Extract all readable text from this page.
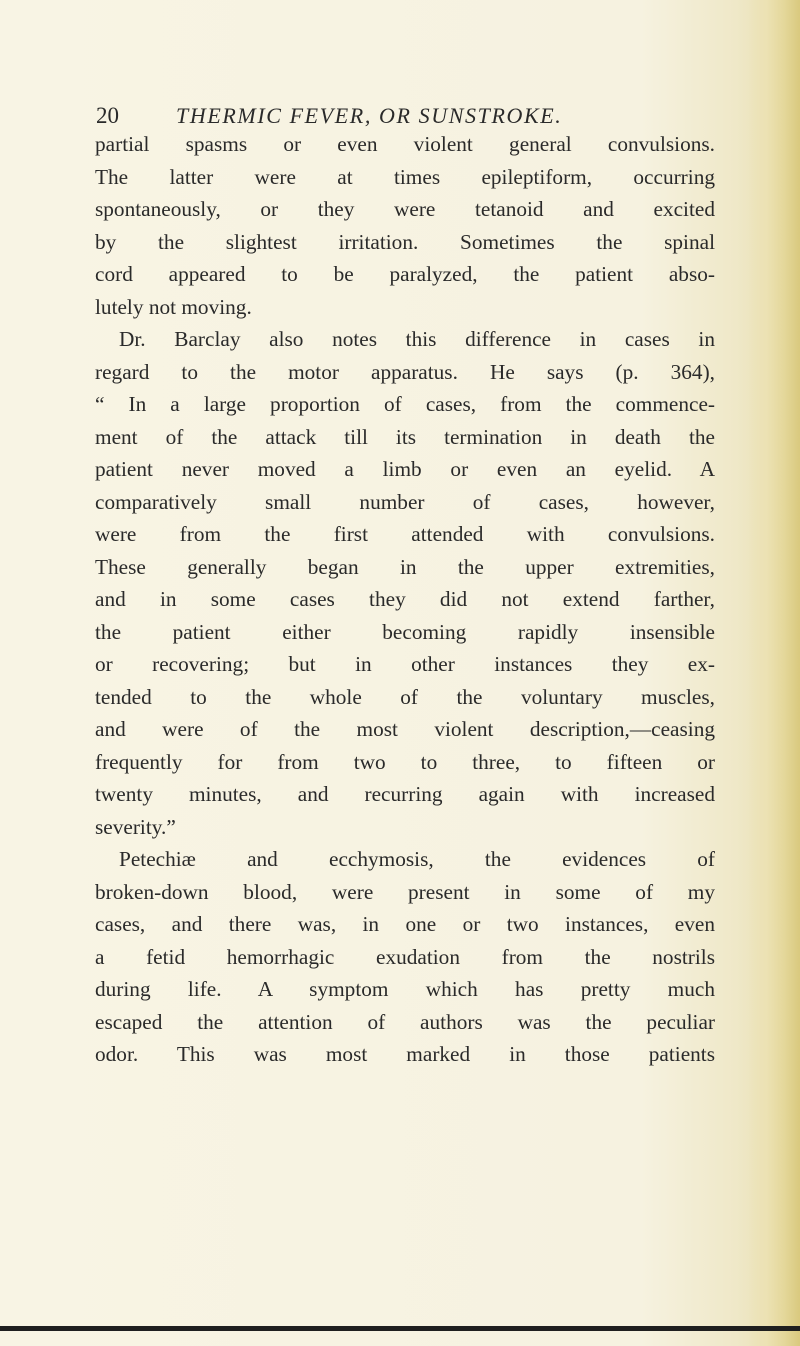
20	THERMIC FEVER, OR SUNSTROKE.
partial spasms or even violent general convulsions.
The latter were at times epileptiform, occurring
spontaneously, or they were tetanoid and excited
by the slightest irritation. Sometimes the spinal
cord appeared to be paralyzed, the patient abso-
lutely not moving.
Dr. Barclay also notes this difference in cases in
regard to the motor apparatus. He says (p. 364),
“ In a large proportion of cases, from the commence-
ment of the attack till its termination in death the
patient never moved a limb or even an eyelid. A
comparatively small number of cases, however,
were from the first attended with convulsions.
These generally began in the upper extremities,
and in some cases they did not extend farther,
the patient either becoming rapidly insensible
or recovering; but in other instances they ex-
tended to the whole of the voluntary muscles,
and were of the most violent description,—ceasing
frequently for from two to three, to fifteen or
twenty minutes, and recurring again with increased
severity.”
Petechiæ and ecchymosis, the evidences of
broken-down blood, were present in some of my
cases, and there was, in one or two instances, even
a fetid hemorrhagic exudation from the nostrils
during life. A symptom which has pretty much
escaped the attention of authors was the peculiar
odor. This was most marked in those patients
